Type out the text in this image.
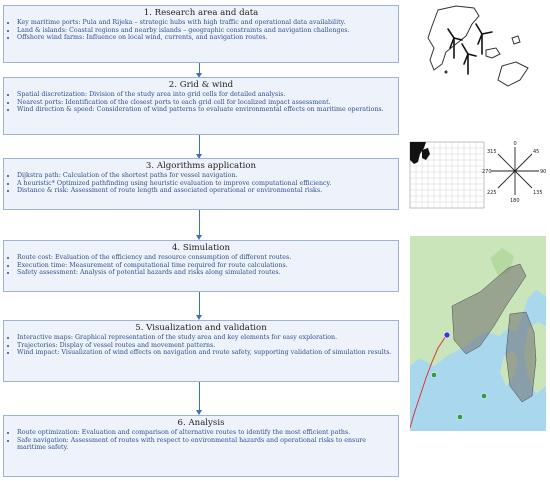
1. Research area and data
• Key maritime ports: Pula and Rijeka – strategic hubs with high traffic and operational data availability.
• Land & islands: Coastal regions and nearby islands – geographic constraints and navigation challenges.
• Offshore wind farms: Influence on local wind, currents, and navigation routes.
2. Grid & wind
• Spatial discretization: Division of the study area into grid cells for detailed analysis.
• Nearest ports: Identification of the closest ports to each grid cell for localized impact assessment.
• Wind direction & speed: Consideration of wind patterns to evaluate environmental effects on maritime operations.
3. Algorithms application
• Dijkstra path: Calculation of the shortest paths for vessel navigation.
• A heuristic* Optimized pathfinding using heuristic evaluation to improve computational efficiency.
• Distance & risk: Assessment of route length and associated operational or environmental risks.
4. Simulation
• Route cost: Evaluation of the efficiency and resource consumption of different routes.
• Execution time: Measurement of computational time required for route calculations.
• Safety assessment: Analysis of potential hazards and risks along simulated routes.
5. Visualization and validation
• Interactive maps: Graphical representation of the study area and key elements for easy exploration.
• Trajectories: Display of vessel routes and movement patterns.
• Wind impact: Visualization of wind effects on navigation and route safety, supporting validation of simulation results.
6. Analysis
• Route optimization: Evaluation and comparison of alternative routes to identify the most efficient paths.
• Safe navigation: Assessment of routes with respect to environmental hazards and operational risks to ensure maritime safety.
0
45
90
135
180
225
270
315
